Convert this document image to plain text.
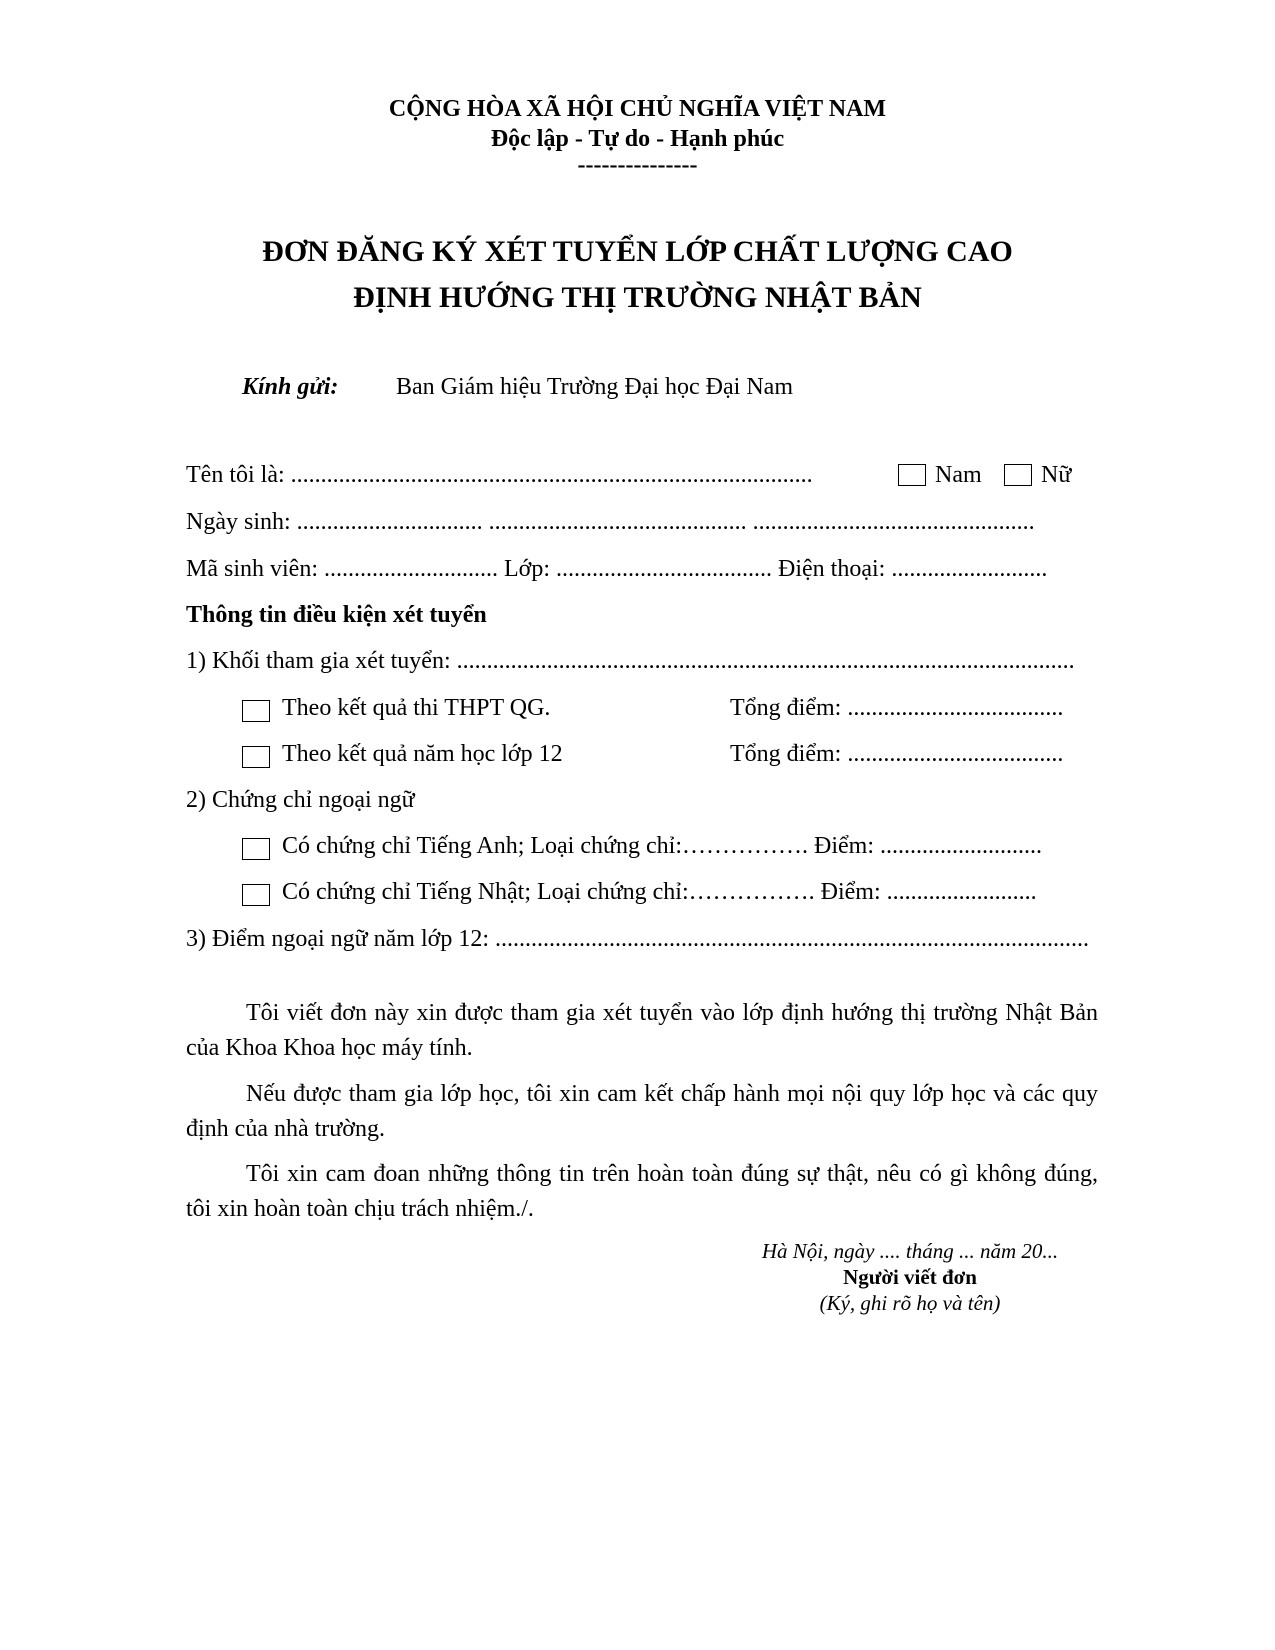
CỘNG HÒA XÃ HỘI CHỦ NGHĨA VIỆT NAM
Độc lập - Tự do - Hạnh phúc
---------------
ĐƠN ĐĂNG KÝ XÉT TUYỂN LỚP CHẤT LƯỢNG CAO
ĐỊNH HƯỚNG THỊ TRƯỜNG NHẬT BẢN
Kính gửi: Ban Giám hiệu Trường Đại học Đại Nam
Tên tôi là: .......................................................................................	Nam Nữ
Ngày sinh: ............................... ........................................... ...............................................
Mã sinh viên: ............................. Lớp: .................................... Điện thoại: ..........................
Thông tin điều kiện xét tuyển
1) Khối tham gia xét tuyển: .......................................................................................................
Theo kết quả thi THPT QG.	Tổng điểm: ....................................
Theo kết quả năm học lớp 12	Tổng điểm: ....................................
2) Chứng chỉ ngoại ngữ
Có chứng chỉ Tiếng Anh; Loại chứng chỉ:……………. Điểm: ...........................
Có chứng chỉ Tiếng Nhật; Loại chứng chỉ:……………. Điểm: .........................
3) Điểm ngoại ngữ năm lớp 12: ...................................................................................................
Tôi viết đơn này xin được tham gia xét tuyển vào lớp định hướng thị trường Nhật Bản của Khoa Khoa học máy tính.
Nếu được tham gia lớp học, tôi xin cam kết chấp hành mọi nội quy lớp học và các quy định của nhà trường.
Tôi xin cam đoan những thông tin trên hoàn toàn đúng sự thật, nêu có gì không đúng, tôi xin hoàn toàn chịu trách nhiệm./.
Hà Nội, ngày .... tháng ... năm 20...
Người viết đơn
(Ký, ghi rõ họ và tên)
